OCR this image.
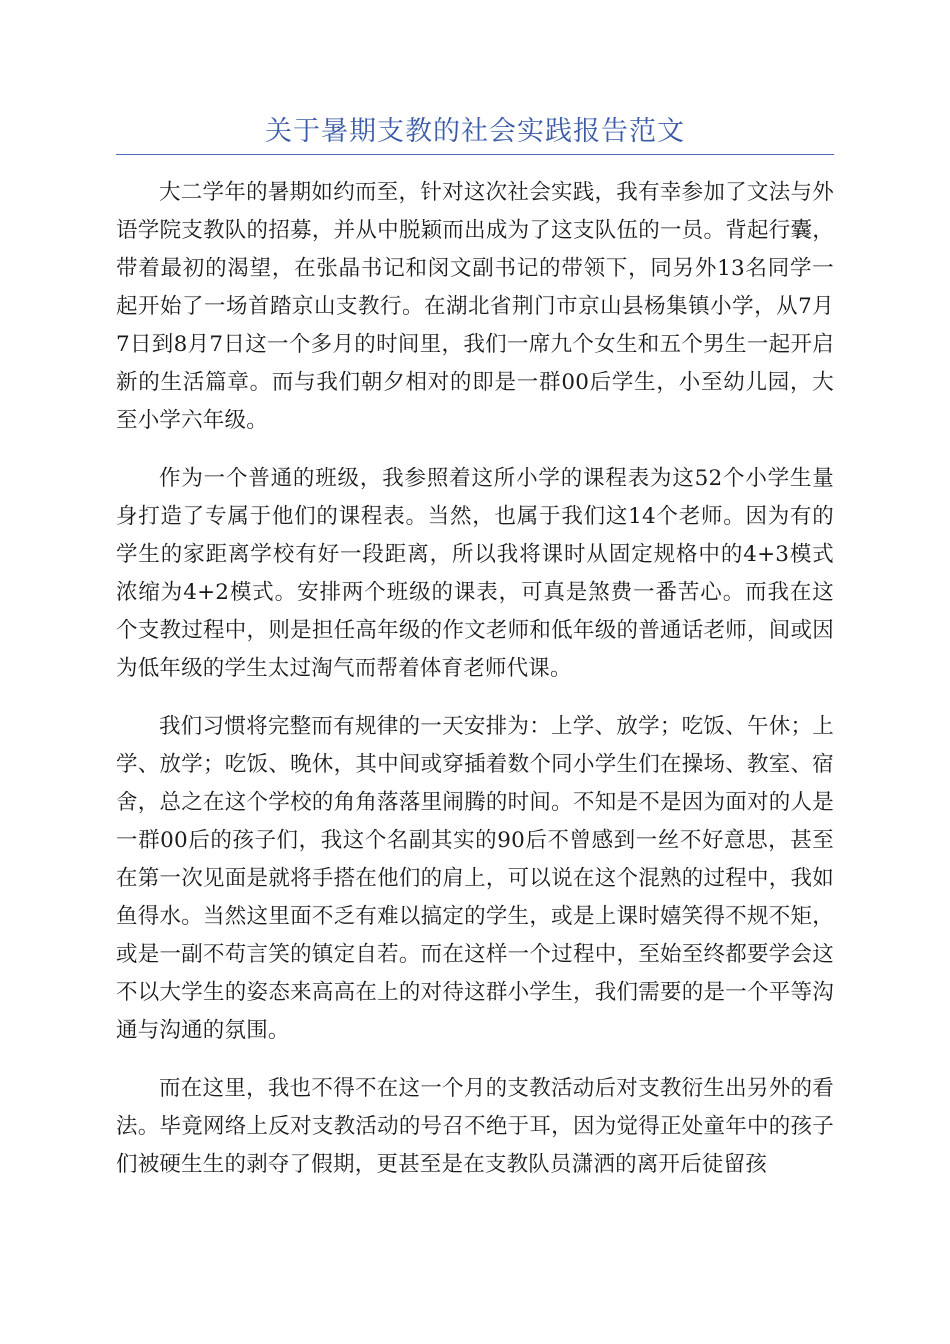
关于暑期支教的社会实践报告范文

大二学年的暑期如约而至，针对这次社会实践，我有幸参加了文法与外语学院支教队的招募，并从中脱颖而出成为了这支队伍的一员。背起行囊，带着最初的渴望，在张晶书记和闵文副书记的带领下，同另外13名同学一起开始了一场首踏京山支教行。在湖北省荆门市京山县杨集镇小学，从7月7日到8月7日这一个多月的时间里，我们一席九个女生和五个男生一起开启新的生活篇章。而与我们朝夕相对的即是一群00后学生，小至幼儿园，大至小学六年级。

作为一个普通的班级，我参照着这所小学的课程表为这52个小学生量身打造了专属于他们的课程表。当然，也属于我们这14个老师。因为有的学生的家距离学校有好一段距离，所以我将课时从固定规格中的4+3模式浓缩为4+2模式。安排两个班级的课表，可真是煞费一番苦心。而我在这个支教过程中，则是担任高年级的作文老师和低年级的普通话老师，间或因为低年级的学生太过淘气而帮着体育老师代课。

我们习惯将完整而有规律的一天安排为：上学、放学；吃饭、午休；上学、放学；吃饭、晚休，其中间或穿插着数个同小学生们在操场、教室、宿舍，总之在这个学校的角角落落里闹腾的时间。不知是不是因为面对的人是一群00后的孩子们，我这个名副其实的90后不曾感到一丝不好意思，甚至在第一次见面是就将手搭在他们的肩上，可以说在这个混熟的过程中，我如鱼得水。当然这里面不乏有难以搞定的学生，或是上课时嬉笑得不规不矩，或是一副不苟言笑的镇定自若。而在这样一个过程中，至始至终都要学会这不以大学生的姿态来高高在上的对待这群小学生，我们需要的是一个平等沟通与沟通的氛围。

而在这里，我也不得不在这一个月的支教活动后对支教衍生出另外的看法。毕竟网络上反对支教活动的号召不绝于耳，因为觉得正处童年中的孩子们被硬生生的剥夺了假期，更甚至是在支教队员潇洒的离开后徒留孩
